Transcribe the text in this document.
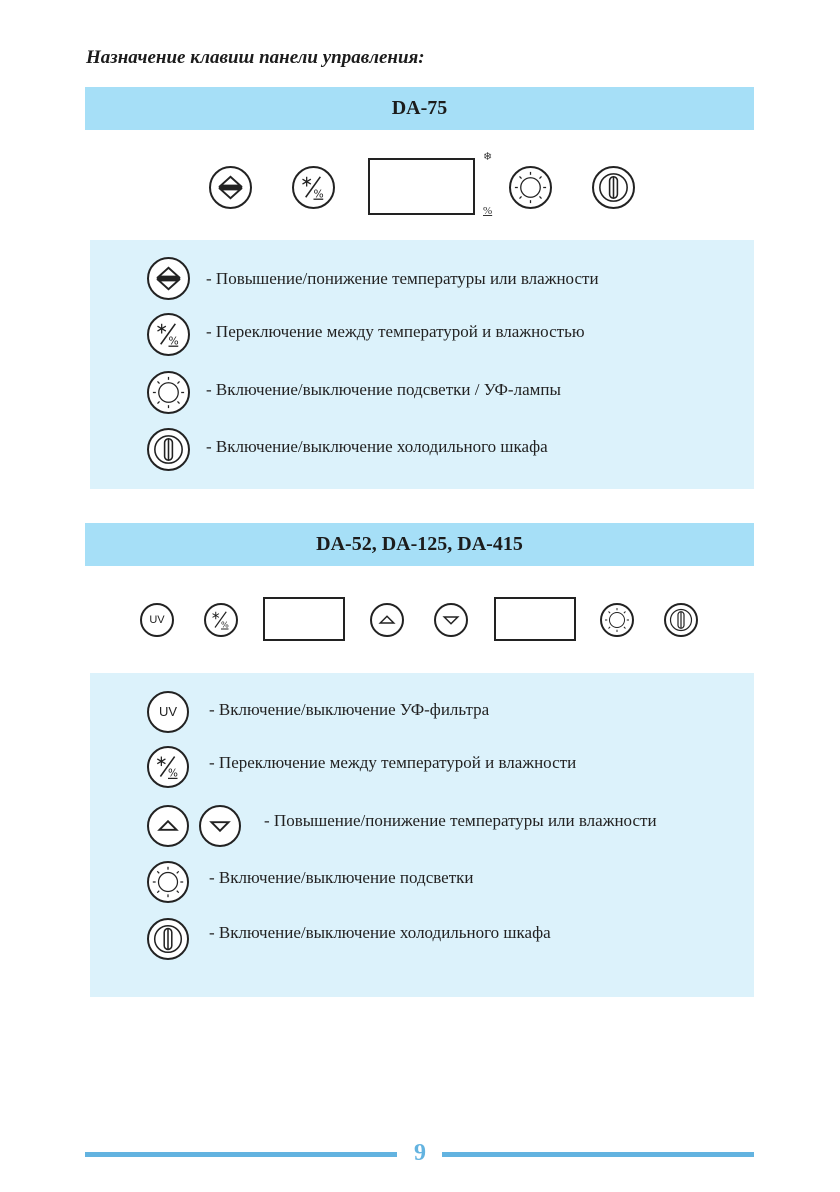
Назначение клавиш панели управления:
DA-75
❄
%
- Повышение/понижение температуры или влажности
- Переключение между температурой и влажностью
- Включение/выключение подсветки / УФ-лампы
- Включение/выключение холодильного шкафа
DA-52, DA-125, DA-415
UV
UV	- Включение/выключение УФ-фильтра
- Переключение между температурой и влажности
- Повышение/понижение температуры или влажности
- Включение/выключение подсветки
- Включение/выключение холодильного шкафа
9
